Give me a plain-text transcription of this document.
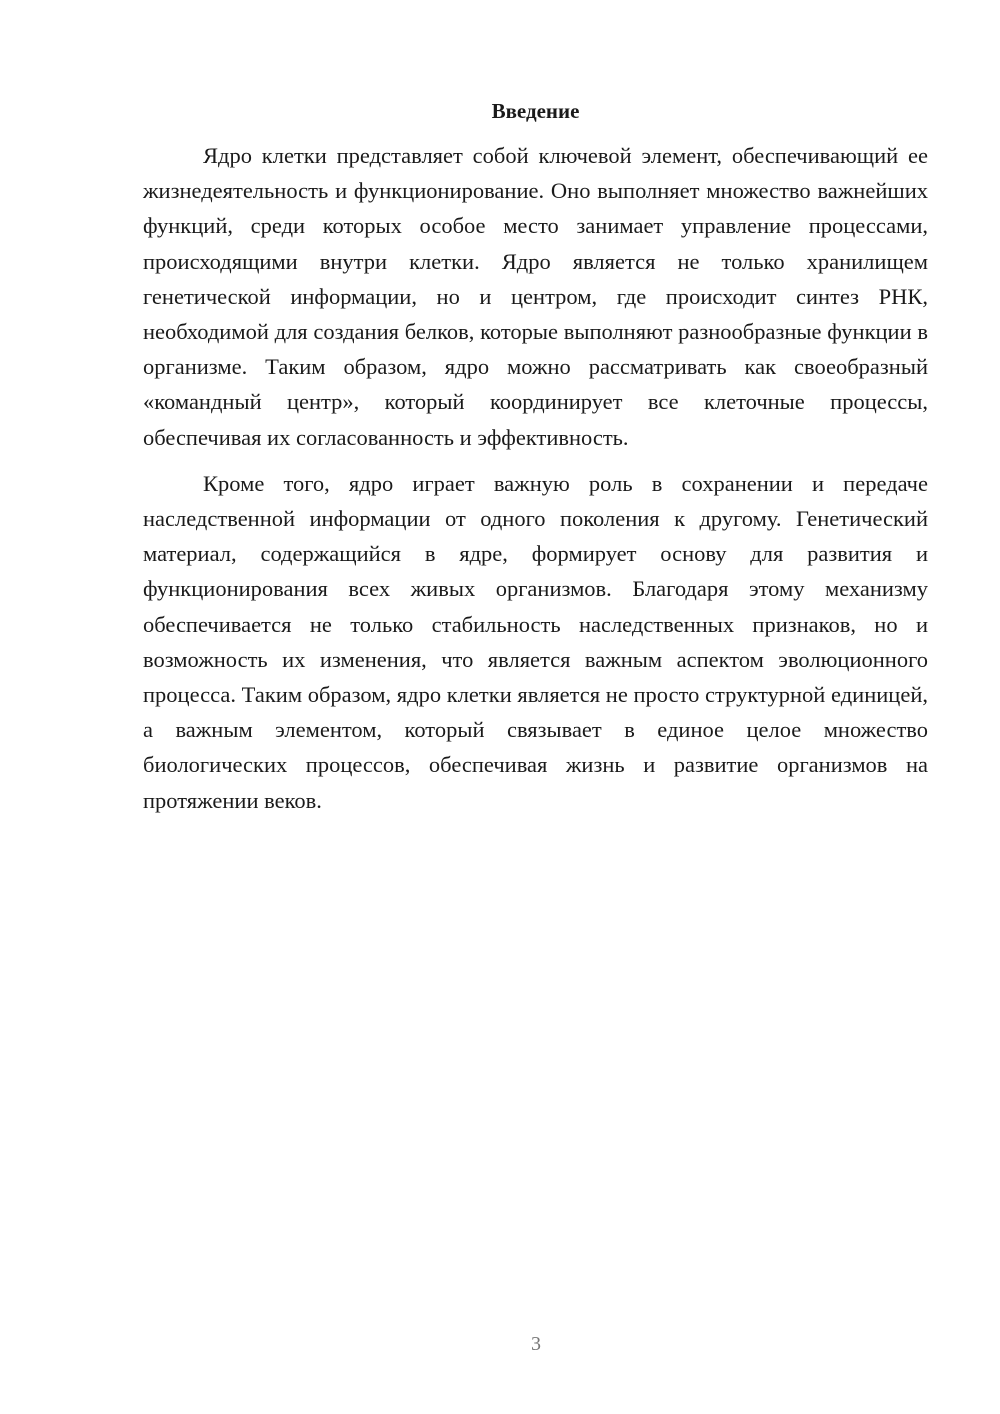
Введение

Ядро клетки представляет собой ключевой элемент, обеспечивающий ее жизнедеятельность и функционирование. Оно выполняет множество важнейших функций, среди которых особое место занимает управление процессами, происходящими внутри клетки. Ядро является не только хранилищем генетической информации, но и центром, где происходит синтез РНК, необходимой для создания белков, которые выполняют разнообразные функции в организме. Таким образом, ядро можно рассматривать как своеобразный «командный центр», который координирует все клеточные процессы, обеспечивая их согласованность и эффективность.

Кроме того, ядро играет важную роль в сохранении и передаче наследственной информации от одного поколения к другому. Генетический материал, содержащийся в ядре, формирует основу для развития и функционирования всех живых организмов. Благодаря этому механизму обеспечивается не только стабильность наследственных признаков, но и возможность их изменения, что является важным аспектом эволюционного процесса. Таким образом, ядро клетки является не просто структурной единицей, а важным элементом, который связывает в единое целое множество биологических процессов, обеспечивая жизнь и развитие организмов на протяжении веков.

3
